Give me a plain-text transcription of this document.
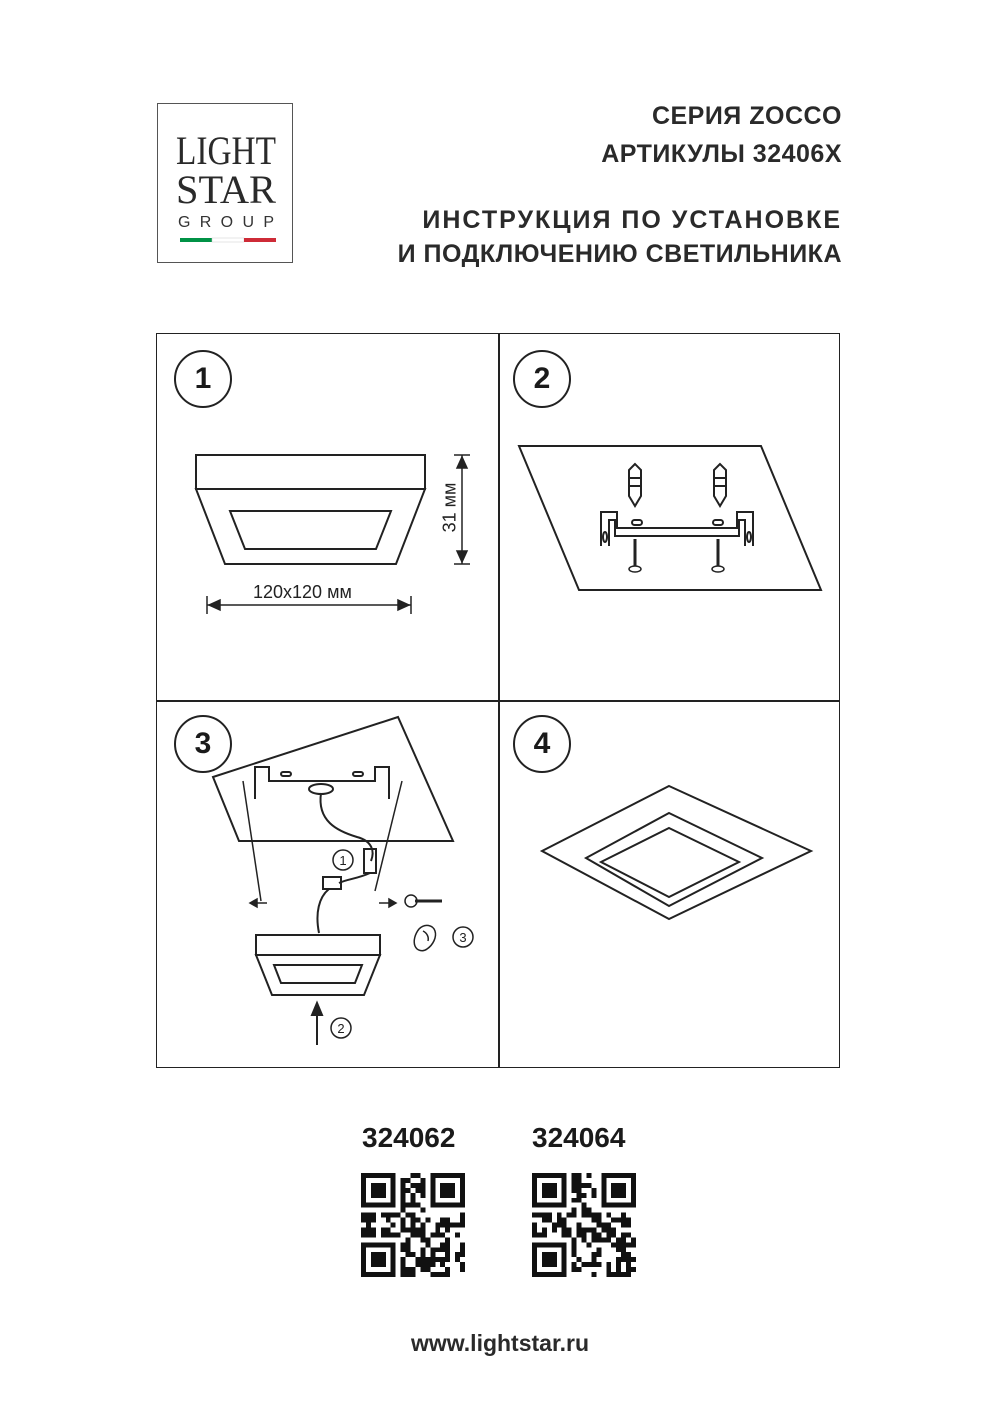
LIGHT
STAR
GROUP
СЕРИЯ ZOCCO
АРТИКУЛЫ 32406X
ИНСТРУКЦИЯ ПО УСТАНОВКЕ
И ПОДКЛЮЧЕНИЮ СВЕТИЛЬНИКА
1
120x120 мм
31 мм
2
3
1
3
2
4
324062	324064
www.lightstar.ru
